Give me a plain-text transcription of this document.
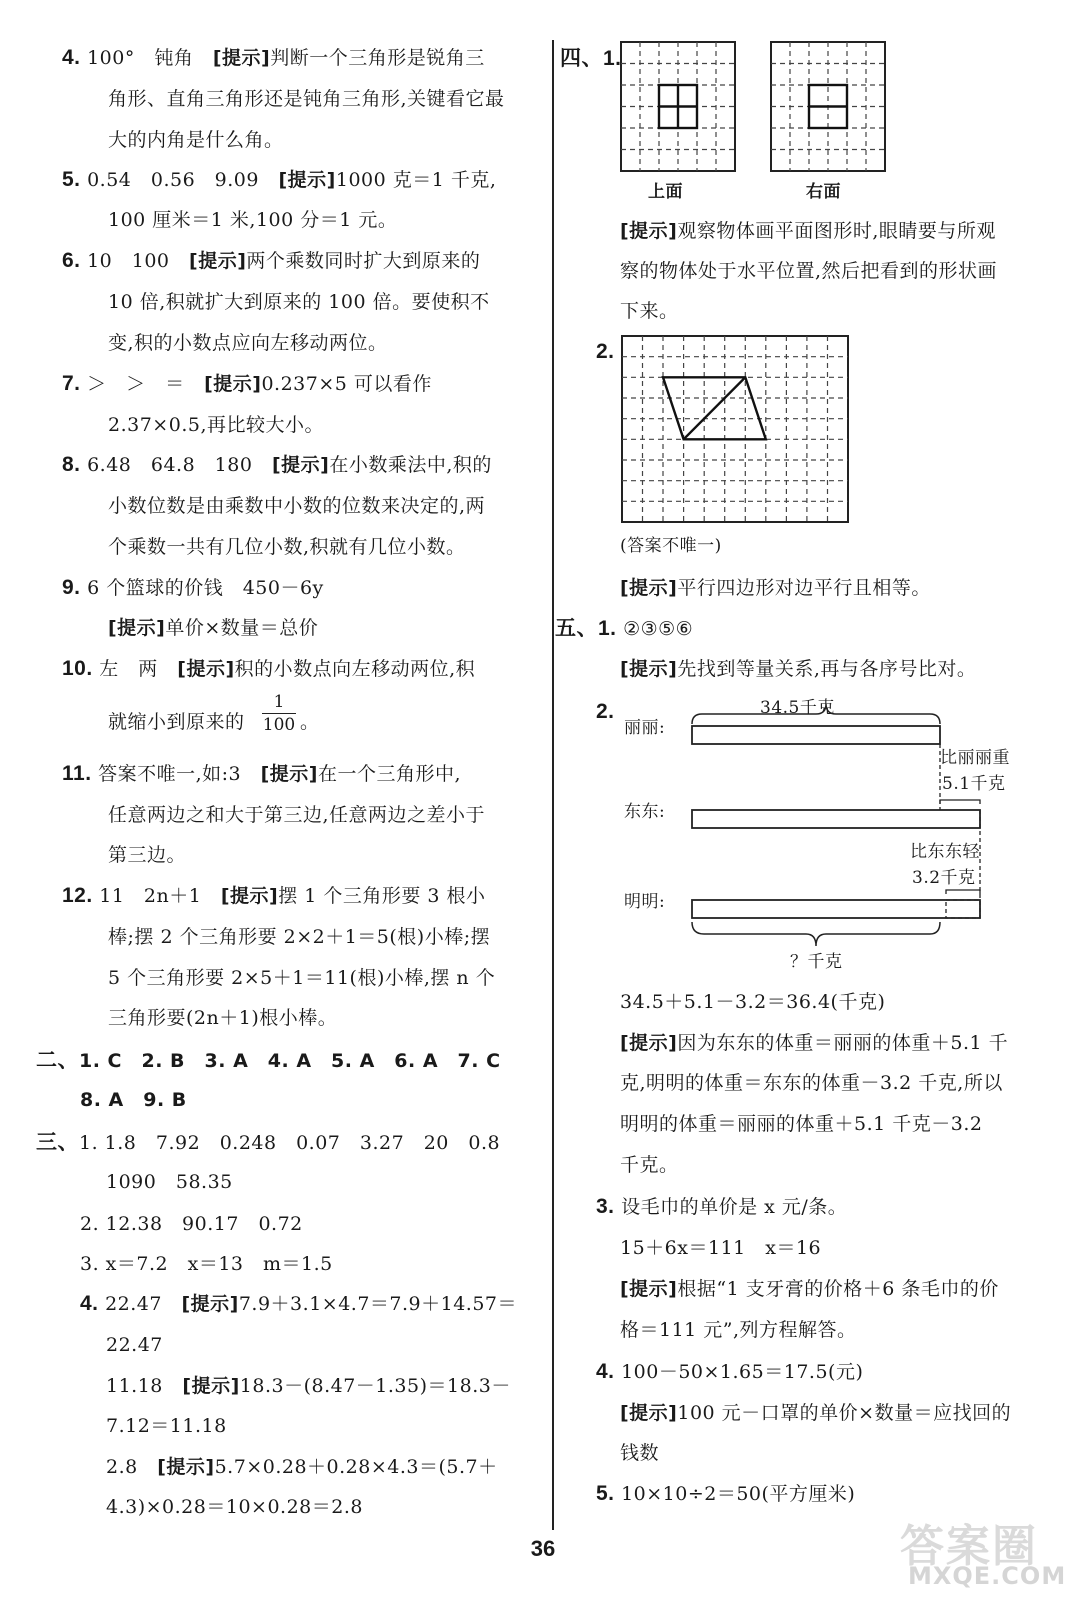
4. 100°　钝角　[提示]判断一个三角形是锐角三
角形、直角三角形还是钝角三角形,关键看它最
大的内角是什么角。
5. 0.54　0.56　9.09　[提示]1000 克＝1 千克,
100 厘米＝1 米,100 分＝1 元。
6. 10　100　[提示]两个乘数同时扩大到原来的
10 倍,积就扩大到原来的 100 倍。要使积不
变,积的小数点应向左移动两位。
7. ＞　＞　＝　[提示]0.237×5 可以看作
2.37×0.5,再比较大小。
8. 6.48　64.8　180　[提示]在小数乘法中,积的
小数位数是由乘数中小数的位数来决定的,两
个乘数一共有几位小数,积就有几位小数。
9. 6 个篮球的价钱　450－6y
[提示]单价×数量＝总价
10. 左　两　[提示]积的小数点向左移动两位,积
就缩小到原来的
1
100 。
11. 答案不唯一,如:3　[提示]在一个三角形中,
任意两边之和大于第三边,任意两边之差小于
第三边。
12. 11　2n＋1　[提示]摆 1 个三角形要 3 根小
棒;摆 2 个三角形要 2×2＋1＝5(根)小棒;摆
5 个三角形要 2×5＋1＝11(根)小棒,摆 n 个
三角形要(2n＋1)根小棒。
二、1. C　2. B　3. A　4. A　5. A　6. A　7. C
8. A　9. B
三、1. 1.8　7.92　0.248　0.07　3.27　20　0.8
1090　58.35
2. 12.38　90.17　0.72
3. x＝7.2　x＝13　m＝1.5
4. 22.47　[提示]7.9＋3.1×4.7＝7.9＋14.57＝
22.47
11.18　[提示]18.3－(8.47－1.35)＝18.3－
7.12＝11.18
2.8　[提示]5.7×0.28＋0.28×4.3＝(5.7＋
4.3)×0.28＝10×0.28＝2.8
四、1.
上面	右面
[提示]观察物体画平面图形时,眼睛要与所观
察的物体处于水平位置,然后把看到的形状画
下来。
2.
(答案不唯一)
[提示]平行四边形对边平行且相等。
五、1. ②③⑤⑥
[提示]先找到等量关系,再与各序号比对。
2.	34.5千克
丽丽:
东东:
明明:
比丽丽重
5.1千克
比东东轻
3.2千克
？千克
34.5＋5.1－3.2＝36.4(千克)
[提示]因为东东的体重＝丽丽的体重＋5.1 千
克,明明的体重＝东东的体重－3.2 千克,所以
明明的体重＝丽丽的体重＋5.1 千克－3.2
千克。
3. 设毛巾的单价是 x 元/条。
15＋6x＝111　x＝16
[提示]根据“1 支牙膏的价格＋6 条毛巾的价
格＝111 元”,列方程解答。
4. 100－50×1.65＝17.5(元)
[提示]100 元－口罩的单价×数量＝应找回的
钱数
5. 10×10÷2＝50(平方厘米)
36	答案圈
MXQE.COM
